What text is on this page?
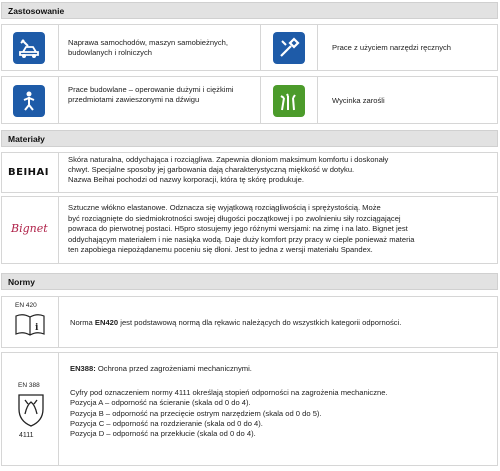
Zastosowanie
Naprawa samochodów, maszyn samobieżnych, budowlanych i rolniczych
Prace z użyciem narzędzi ręcznych
Prace budowlane – operowanie dużymi i ciężkimi przedmiotami zawieszonymi na dźwigu	Wycinka zarośli
Materiały
BEIHAI
Skóra naturalna, oddychająca i rozciągliwa. Zapewnia dłoniom maksimum komfortu i doskonały
chwyt. Specjalne sposoby jej garbowania dają charakterystyczną miękkość w dotyku.
Nazwa Beihai pochodzi od nazwy korporacji, która tę skórę produkuje.
Bignet
Sztuczne włókno elastanowe. Odznacza się wyjątkową rozciągliwością i sprężystością. Może
być rozciągnięte do siedmiokrotności swojej długości początkowej i po zwolnieniu siły rozciągającej
powraca do pierwotnej postaci. H5pro stosujemy jego różnymi wersjami: na zimę i na lato. Bignet jest
oddychającym materiałem i nie nasiąka wodą. Daje duży komfort przy pracy w cieple ponieważ materia
ten zapobiega niepożądanemu poceniu się dłoni. Jest to jedna z wersji materiału Spandex.
Normy
EN 420
i
Norma EN420 jest podstawową normą dla rękawic należących do wszystkich kategorii odporności.
EN 388
4111
EN388: Ochrona przed zagrożeniami mechanicznymi.
Cyfry pod oznaczeniem normy 4111 określają stopień odporności na zagrożenia mechaniczne.
Pozycja A – odporność na ścieranie (skala od 0 do 4).
Pozycja B – odporność na przecięcie ostrym narzędziem (skala od 0 do 5).
Pozycja C – odporność na rozdzieranie (skala od 0 do 4).
Pozycja D – odporność na przekłucie (skala od 0 do 4).
